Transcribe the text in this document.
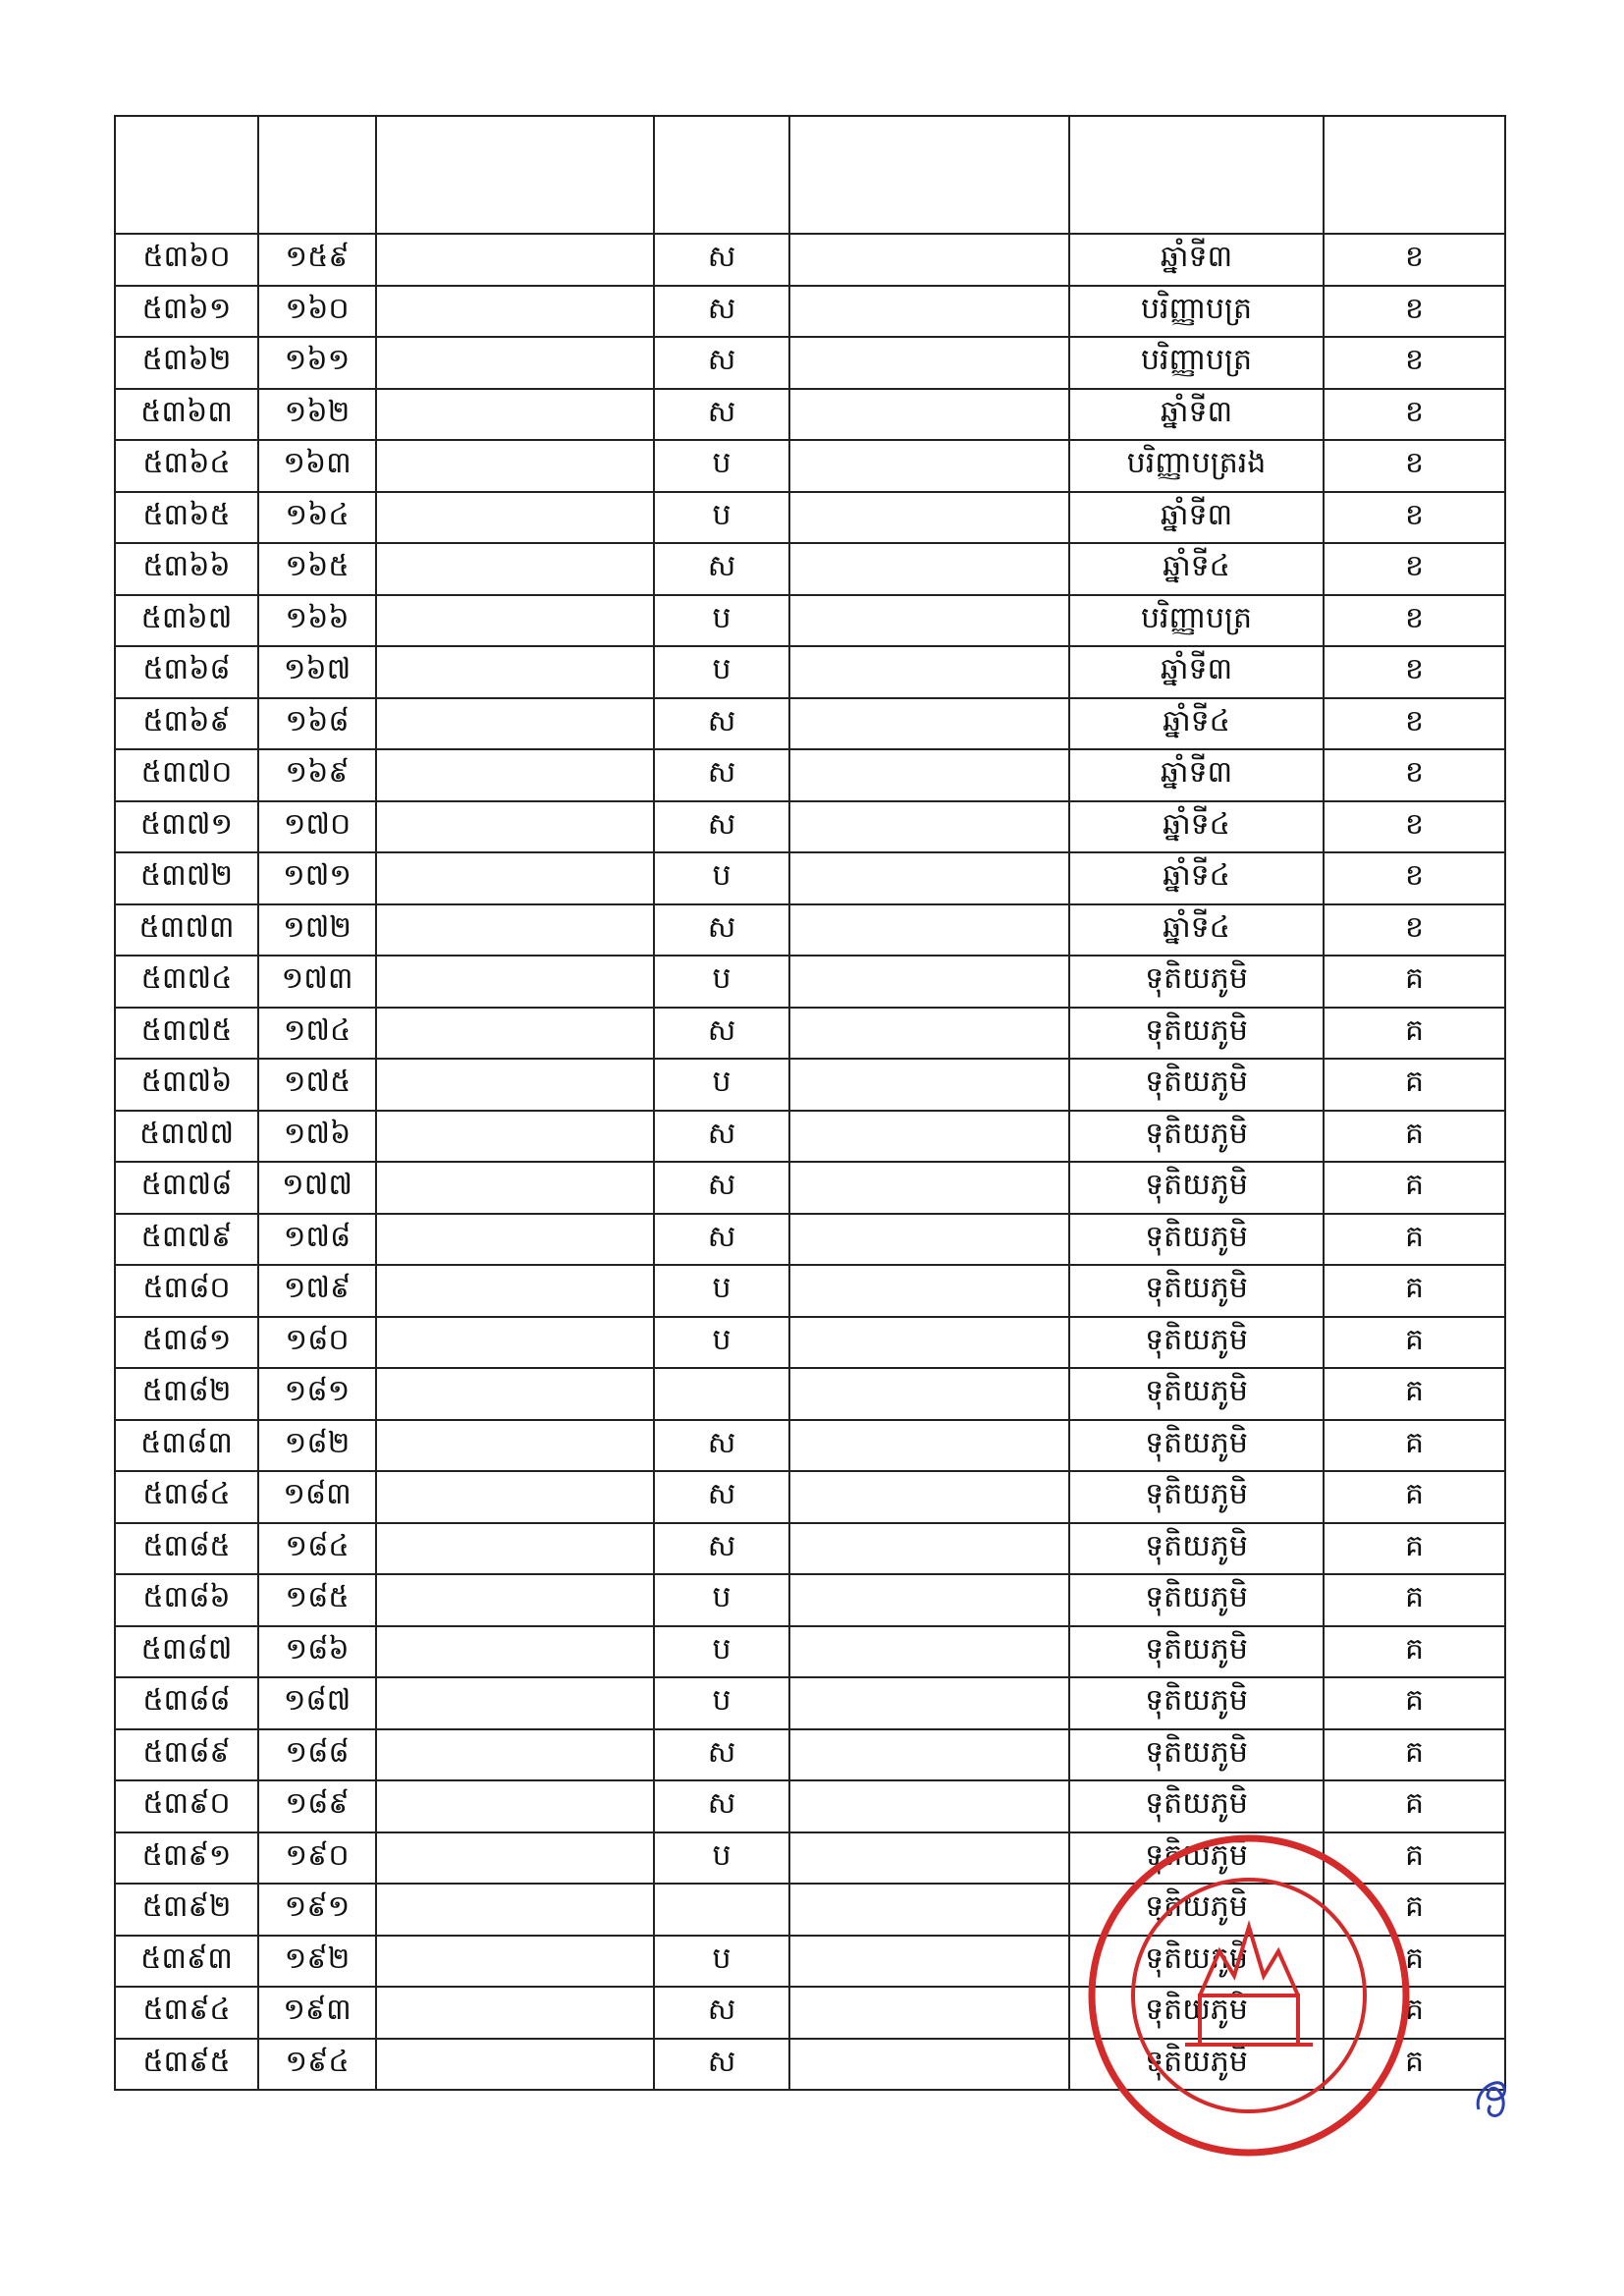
៥៣៦០	១៥៩		ស		ឆ្នាំទី៣	ខ
៥៣៦១	១៦០		ស		បរិញ្ញាបត្រ	ខ
៥៣៦២	១៦១		ស		បរិញ្ញាបត្រ	ខ
៥៣៦៣	១៦២		ស		ឆ្នាំទី៣	ខ
៥៣៦៤	១៦៣		ប		បរិញ្ញាបត្ររង	ខ
៥៣៦៥	១៦៤		ប		ឆ្នាំទី៣	ខ
៥៣៦៦	១៦៥		ស		ឆ្នាំទី៤	ខ
៥៣៦៧	១៦៦		ប		បរិញ្ញាបត្រ	ខ
៥៣៦៨	១៦៧		ប		ឆ្នាំទី៣	ខ
៥៣៦៩	១៦៨		ស		ឆ្នាំទី៤	ខ
៥៣៧០	១៦៩		ស		ឆ្នាំទី៣	ខ
៥៣៧១	១៧០		ស		ឆ្នាំទី៤	ខ
៥៣៧២	១៧១		ប		ឆ្នាំទី៤	ខ
៥៣៧៣	១៧២		ស		ឆ្នាំទី៤	ខ
៥៣៧៤	១៧៣		ប		ទុតិយភូមិ	គ
៥៣៧៥	១៧៤		ស		ទុតិយភូមិ	គ
៥៣៧៦	១៧៥		ប		ទុតិយភូមិ	គ
៥៣៧៧	១៧៦		ស		ទុតិយភូមិ	គ
៥៣៧៨	១៧៧		ស		ទុតិយភូមិ	គ
៥៣៧៩	១៧៨		ស		ទុតិយភូមិ	គ
៥៣៨០	១៧៩		ប		ទុតិយភូមិ	គ
៥៣៨១	១៨០		ប		ទុតិយភូមិ	គ
៥៣៨២	១៨១				ទុតិយភូមិ	គ
៥៣៨៣	១៨២		ស		ទុតិយភូមិ	គ
៥៣៨៤	១៨៣		ស		ទុតិយភូមិ	គ
៥៣៨៥	១៨៤		ស		ទុតិយភូមិ	គ
៥៣៨៦	១៨៥		ប		ទុតិយភូមិ	គ
៥៣៨៧	១៨៦		ប		ទុតិយភូមិ	គ
៥៣៨៨	១៨៧		ប		ទុតិយភូមិ	គ
៥៣៨៩	១៨៨		ស		ទុតិយភូមិ	គ
៥៣៩០	១៨៩		ស		ទុតិយភូមិ	គ
៥៣៩១	១៩០		ប		ទុតិយភូមិ	គ
៥៣៩២	១៩១				ទុតិយភូមិ	គ
៥៣៩៣	១៩២		ប		ទុតិយភូមិ	គ
៥៣៩៤	១៩៣		ស		ទុតិយភូមិ	គ
៥៣៩៥	១៩៤		ស		ទុតិយភូមិ	គ
